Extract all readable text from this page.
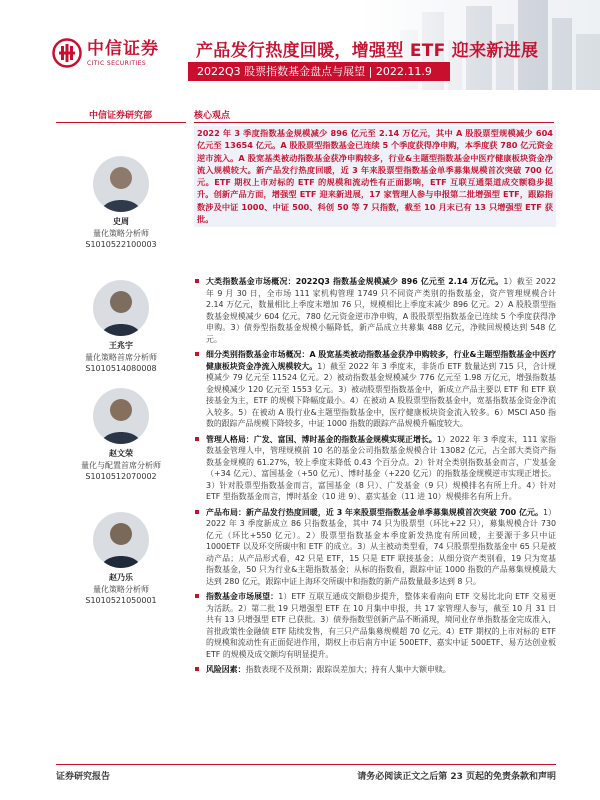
中信证券
CITIC SECURITIES
产品发行热度回暖，增强型 ETF 迎来新进展
2022Q3 股票指数基金盘点与展望 | 2022.11.9
中信证券研究部	核心观点
史周
量化策略分析师
S1010522100003
王兆宇
量化策略首席分析师
S1010514080008
赵文荣
量化与配置首席分析师
S1010512070002
赵乃乐
量化策略分析师
S1010521050001
2022 年 3 季度指数基金规模减少 896 亿元至 2.14 万亿元，其中 A 股股票型规模减少 604 亿元至 13654 亿元。A 股股票型指数基金已连续 5 个季度获得净申购，本季度获 780 亿元资金逆市流入。A 股宽基类被动指数基金获净申购较多，行业&主题型指数基金中医疗健康板块资金净流入规模较大。新产品发行热度回暖，近 3 年来股票型指数基金单季募集规模首次突破 700 亿元。ETF 期权上市对标的 ETF 的规模和流动性有正面影响，ETF 互联互通渠道成交额稳步提升。创新产品方面，增强型 ETF 迎来新进展，17 家管理人参与申报第二批增强型 ETF，跟踪指数涉及中证 1000、中证 500、科创 50 等 7 只指数，截至 10 月末已有 13 只增强型 ETF 获批。
大类指数基金市场概况：2022Q3 指数基金规模减少 896 亿元至 2.14 万亿元。1）截至 2022 年 9 月 30 日，全市场 111 家机构管理 1749 只不同资产类别的指数基金，资产管理规模合计 2.14 万亿元，数量相比上季度末增加 76 只，规模相比上季度末减少 896 亿元。2）A 股股票型指数基金规模减少 604 亿元，780 亿元资金逆市净申购，A 股股票型指数基金已连续 5 个季度获得净申购。3）债券型指数基金规模小幅降低，新产品成立共募集 488 亿元，净赎回规模达到 548 亿元。
细分类别指数基金市场概况：A 股宽基类被动指数基金获净申购较多，行业&主题型指数基金中医疗健康板块资金净流入规模较大。1）截至 2022 年 3 季度末，非货币 ETF 数量达到 715 只，合计规模减少 79 亿元至 11524 亿元。2）被动指数基金规模减少 776 亿元至 1.98 万亿元，增强指数基金规模减少 120 亿元至 1553 亿元。3）被动股票型指数基金中，新成立产品主要以 ETF 和 ETF 联接基金为主，ETF 的规模下降幅度最小。4）在被动 A 股股票型指数基金中，宽基指数基金资金净流入较多。5）在被动 A 股行业&主题型指数基金中，医疗健康板块资金流入较多。6）MSCI A50 指数的跟踪产品规模下降较多，中证 1000 指数的跟踪产品规模升幅度较大。
管理人格局：广发、富国、博时基金的指数基金规模实现正增长。1）2022 年 3 季度末，111 家指数基金管理人中，管理规模前 10 名的基金公司指数基金规模合计 13082 亿元，占全部大类资产指数基金规模的 61.27%，较上季度末降低 0.43 个百分点。2）针对全类别指数基金而言，广发基金（+34 亿元）、富国基金（+50 亿元）、博时基金（+220 亿元）的指数基金规模逆市实现正增长。3）针对股票型指数基金而言，富国基金（8 只）、广发基金（9 只）规模排名有所上升。4）针对 ETF 型指数基金而言，博时基金（10 进 9）、嘉实基金（11 进 10）规模排名有所上升。
产品布局：新产品发行热度回暖，近 3 年来股票型指数基金单季募集规模首次突破 700 亿元。1）2022 年 3 季度新成立 86 只指数基金，其中 74 只为股票型（环比+22 只），募集规模合计 730 亿元（环比+550 亿元）。2）股票型指数基金本季度新发热度有所回暖，主要源于多只中证 1000ETF 以及环交所碳中和 ETF 的成立。3）从主被动类型看，74 只股票型指数基金中 65 只是被动产品；从产品形式看，42 只是 ETF，15 只是 ETF 联接基金；从细分资产类别看，19 只为宽基指数基金，50 只为行业&主题指数基金；从标的指数看，跟踪中证 1000 指数的产品募集规模最大达到 280 亿元，跟踪中证上海环交所碳中和指数的新产品数量最多达到 8 只。
指数基金市场展望：1）ETF 互联互通成交额稳步提升，整体来看南向 ETF 交易比北向 ETF 交易更为活跃。2）第二批 19 只增强型 ETF 在 10 月集中申报，共 17 家管理人参与，截至 10 月 31 日共有 13 只增强型 ETF 已获批。3）债券指数型创新产品不断涌现，境同业存单指数基金完成准入，首批政策性金融债 ETF 陆续发售，有三只产品集募规模超 70 亿元。4）ETF 期权的上市对标的 ETF 的规模和流动性有正面促进作用，期权上市后南方中证 500ETF、嘉实中证 500ETF、易方达创业板 ETF 的规模及成交额均有明显提升。
风险因素：指数表现不及预期；跟踪误差加大；持有人集中大额申赎。
证券研究报告	请务必阅读正文之后第 23 页起的免责条款和声明
